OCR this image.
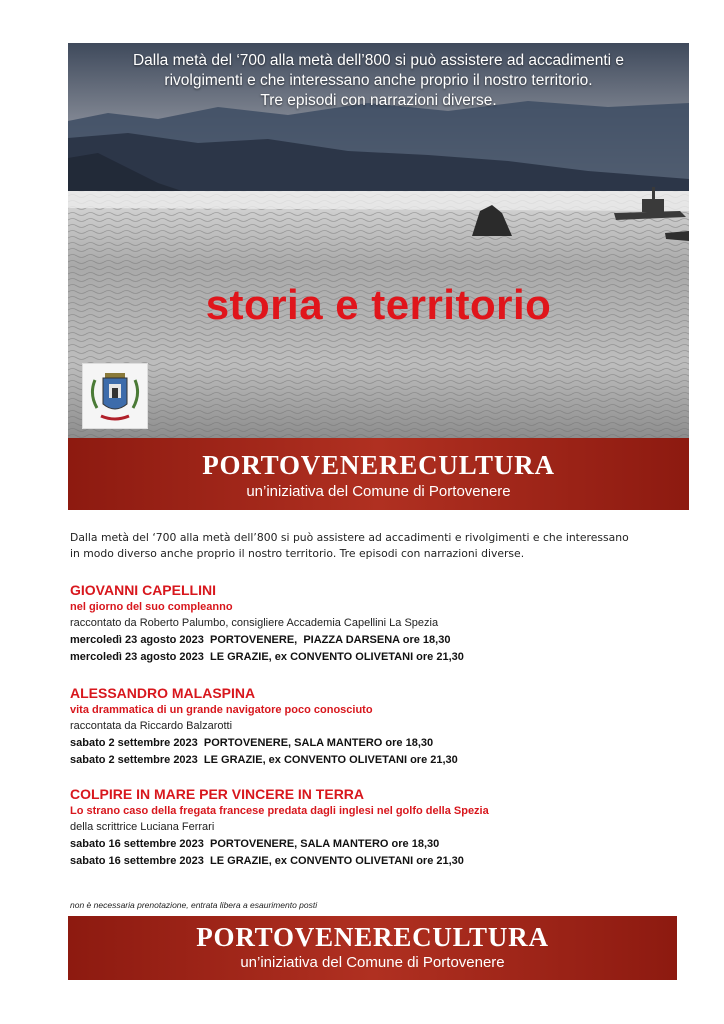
Dalla metà del ‘700 alla metà dell’800 si può assistere ad accadimenti e
rivolgimenti e che interessano anche proprio il nostro territorio.
Tre episodi con narrazioni diverse.
storia e territorio
PORTOVENERECULTURA
un’iniziativa del Comune di Portovenere
Dalla metà del ‘700 alla metà dell’800 si può assistere ad accadimenti e rivolgimenti e che interessano
in modo diverso anche proprio il nostro territorio. Tre episodi con narrazioni diverse.
GIOVANNI CAPELLINI
nel giorno del suo compleanno
raccontato da Roberto Palumbo, consigliere Accademia Capellini La Spezia
mercoledì 23 agosto 2023  PORTOVENERE,  PIAZZA DARSENA ore 18,30
mercoledì 23 agosto 2023  LE GRAZIE, ex CONVENTO OLIVETANI ore 21,30
ALESSANDRO MALASPINA
vita drammatica di un grande navigatore poco conosciuto
raccontata da Riccardo Balzarotti
sabato 2 settembre 2023  PORTOVENERE, SALA MANTERO ore 18,30
sabato 2 settembre 2023  LE GRAZIE, ex CONVENTO OLIVETANI ore 21,30
COLPIRE IN MARE PER VINCERE IN TERRA
Lo strano caso della fregata francese predata dagli inglesi nel golfo della Spezia
della scrittrice Luciana Ferrari
sabato 16 settembre 2023  PORTOVENERE, SALA MANTERO ore 18,30
sabato 16 settembre 2023  LE GRAZIE, ex CONVENTO OLIVETANI ore 21,30
non è necessaria prenotazione, entrata libera a esaurimento posti
PORTOVENERECULTURA
un’iniziativa del Comune di Portovenere
